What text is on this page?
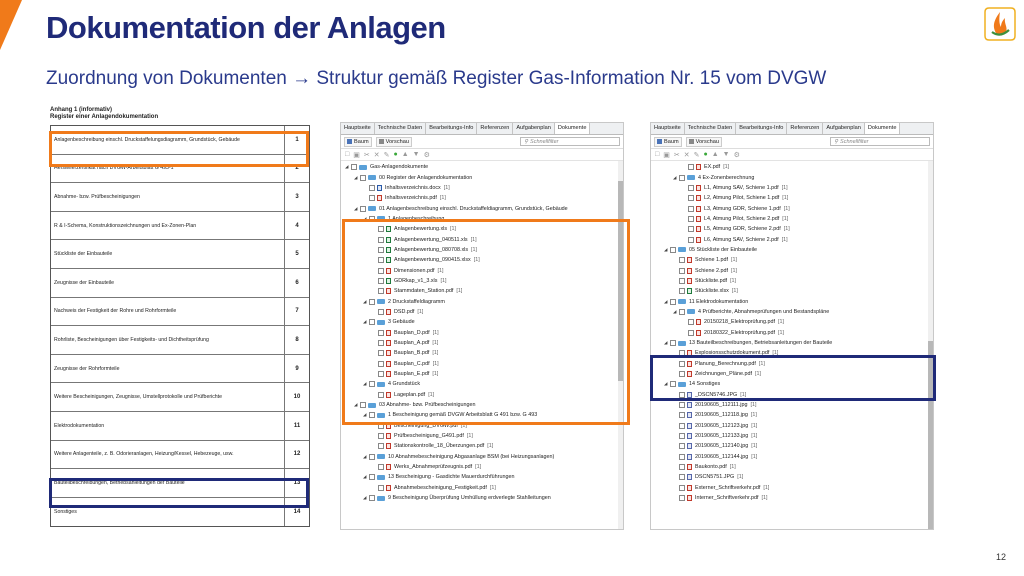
Dokumentation der Anlagen
Zuordnung von Dokumenten → Struktur gemäß Register Gas-Information Nr. 15 vom DVGW
Anhang 1 (informativ)
Register einer Anlagendokumentation
Anlagenbeschreibung einschl. Druckstaffelungsdiagramm, Grundstück, Gebäude	1
Herstellerzertifikat nach DVGW-Arbeitsblatt G 493-1	2
Abnahme- bzw. Prüfbescheinigungen	3
R & I-Schema, Konstruktionszeichnungen und Ex-Zonen-Plan	4
Stückliste der Einbauteile	5
Zeugnisse der Einbauteile	6
Nachweis der Festigkeit der Rohre und Rohrformteile	7
Rohrliste, Bescheinigungen über Festigkeits- und Dichtheitsprüfung	8
Zeugnisse der Rohrformteile	9
Weitere Bescheinigungen, Zeugnisse, Umstellprotokolle und Prüfberichte	10
Elektrodokumentation	11
Weitere Anlagenteile, z. B. Odorieranlagen, Heizung/Kessel, Hebezeuge, usw.	12
Bauteilbeschreibungen, Betriebsanleitungen der Bauteile	13
Sonstiges	14
Hauptseite	Technische Daten	Bearbeitungs-Info	Referenzen	Aufgabenplan	Dokumente
Baum	Vorschau	⚲ Schnellfilter
□ ▣ ✂ ✕ ✎ ● ▲ ▼ ⚙
◢	Gas-Anlagendokumente
◢	00 Register der Anlagendokumentation
Inhaltsverzeichnis.docx [1]
Inhaltsverzeichnis.pdf [1]
◢	01 Anlagenbeschreibung einschl. Druckstaffeldiagramm, Grundstück, Gebäude
◢	1 Anlagenbeschreibung
Anlagenbewertung.xls [1]
Anlagenbewertung_040511.xls [1]
Anlagenbewertung_080708.xls [1]
Anlagenbewertung_090415.xlsx [1]
Dimensionen.pdf [1]
GDRkap_v1_3.xls [1]
Stammdaten_Station.pdf [1]
◢	2 Druckstaffeldiagramm
DSD.pdf [1]
◢	3 Gebäude
Bauplan_D.pdf [1]
Bauplan_A.pdf [1]
Bauplan_B.pdf [1]
Bauplan_C.pdf [1]
Bauplan_E.pdf [1]
◢	4 Grundstück
Lageplan.pdf [1]
◢	03 Abnahme- bzw. Prüfbescheinigungen
◢	1 Bescheinigung gemäß DVGW Arbeitsblatt G 491 bzw. G 493
Bescheinigung_DVGW.pdf [1]
Prüfbescheinigung_G491.pdf [1]
Stationskontrolle_18_Überzungen.pdf [1]
◢	10 Abnahmebescheinigung Abgasanlage BSM (bei Heizungsanlagen)
Werks_Abnahmeprüfzeugnis.pdf [1]
◢	13 Bescheinigung - Gasdichte Mauerdurchführungen
Abnahmebescheinigung_Festigkeit.pdf [1]
◢	9 Bescheinigung Überprüfung Umhüllung erdverlegte Stahlleitungen
Hauptseite	Technische Daten	Bearbeitungs-Info	Referenzen	Aufgabenplan	Dokumente
Baum	Vorschau	⚲ Schnellfilter
□ ▣ ✂ ✕ ✎ ● ▲ ▼ ⚙
EX.pdf [1]
◢	4 Ex-Zonenberechnung
L1, Atmung SAV, Schiene 1.pdf [1]
L2, Atmung Pilot, Schiene 1.pdf [1]
L3, Atmung GDR, Schiene 1.pdf [1]
L4, Atmung Pilot, Schiene 2.pdf [1]
L5, Atmung GDR, Schiene 2.pdf [1]
L6, Atmung SAV, Schiene 2.pdf [1]
◢	05 Stückliste der Einbauteile
Schiene 1.pdf [1]
Schiene 2.pdf [1]
Stückliste.pdf [1]
Stückliste.xlsx [1]
◢	11 Elektrodokumentation
◢	4 Prüfberichte, Abnahmeprüfungen und Bestandspläne
20150218_Elektroprüfung.pdf [1]
20180322_Elektroprüfung.pdf [1]
◢	13 Bauteilbeschreibungen, Betriebsanleitungen der Bauteile
Explosionsschutzdokument.pdf [1]
Planung_Berechnung.pdf [1]
Zeichnungen_Pläne.pdf [1]
◢	14 Sonstiges
_DSCN5746.JPG [1]
20190605_112111.jpg [1]
20190605_112118.jpg [1]
20190605_112123.jpg [1]
20190605_112133.jpg [1]
20190605_112140.jpg [1]
20190605_112144.jpg [1]
Baukonto.pdf [1]
DSCN5751.JPG [1]
Externer_Schriftverkehr.pdf [1]
Interner_Schriftverkehr.pdf [1]
12
